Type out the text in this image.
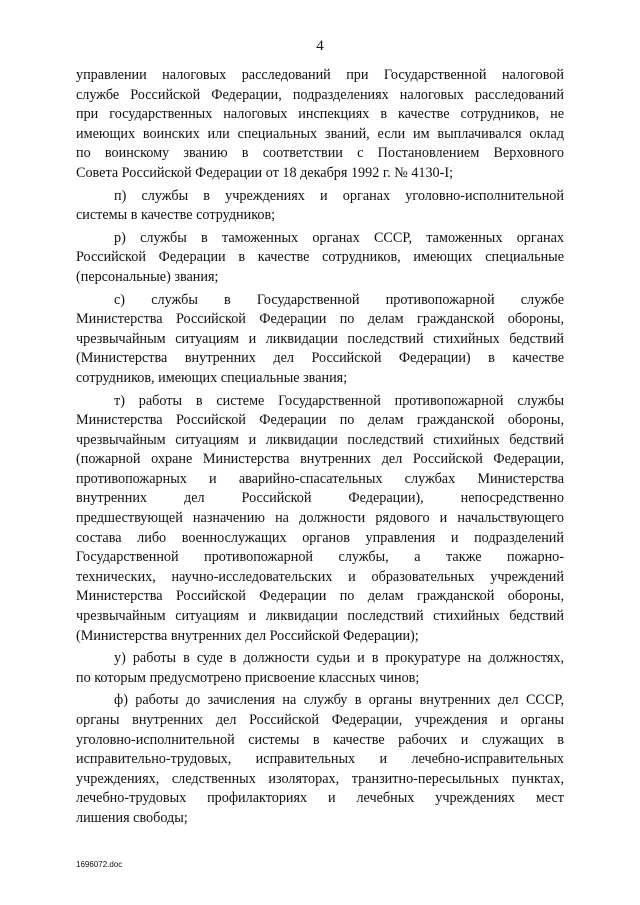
4
управлении налоговых расследований при Государственной налоговой
службе Российской Федерации, подразделениях налоговых расследований
при государственных налоговых инспекциях в качестве сотрудников, не
имеющих воинских или специальных званий, если им выплачивался оклад
по воинскому званию в соответствии с Постановлением Верховного
Совета Российской Федерации от 18 декабря 1992 г. № 4130-I;
п) службы в учреждениях и органах уголовно-исполнительной
системы в качестве сотрудников;
р) службы в таможенных органах СССР, таможенных органах
Российской Федерации в качестве сотрудников, имеющих специальные
(персональные) звания;
с) службы в Государственной противопожарной службе
Министерства Российской Федерации по делам гражданской обороны,
чрезвычайным ситуациям и ликвидации последствий стихийных бедствий
(Министерства внутренних дел Российской Федерации) в качестве
сотрудников, имеющих специальные звания;
т) работы в системе Государственной противопожарной службы
Министерства Российской Федерации по делам гражданской обороны,
чрезвычайным ситуациям и ликвидации последствий стихийных бедствий
(пожарной охране Министерства внутренних дел Российской Федерации,
противопожарных и аварийно-спасательных службах Министерства
внутренних дел Российской Федерации), непосредственно
предшествующей назначению на должности рядового и начальствующего
состава либо военнослужащих органов управления и подразделений
Государственной противопожарной службы, а также пожарно-
технических, научно-исследовательских и образовательных учреждений
Министерства Российской Федерации по делам гражданской обороны,
чрезвычайным ситуациям и ликвидации последствий стихийных бедствий
(Министерства внутренних дел Российской Федерации);
у) работы в суде в должности судьи и в прокуратуре на должностях,
по которым предусмотрено присвоение классных чинов;
ф) работы до зачисления на службу в органы внутренних дел СССР,
органы внутренних дел Российской Федерации, учреждения и органы
уголовно-исполнительной системы в качестве рабочих и служащих в
исправительно-трудовых, исправительных и лечебно-исправительных
учреждениях, следственных изоляторах, транзитно-пересыльных пунктах,
лечебно-трудовых профилакториях и лечебных учреждениях мест
лишения свободы;
1696072.doc
